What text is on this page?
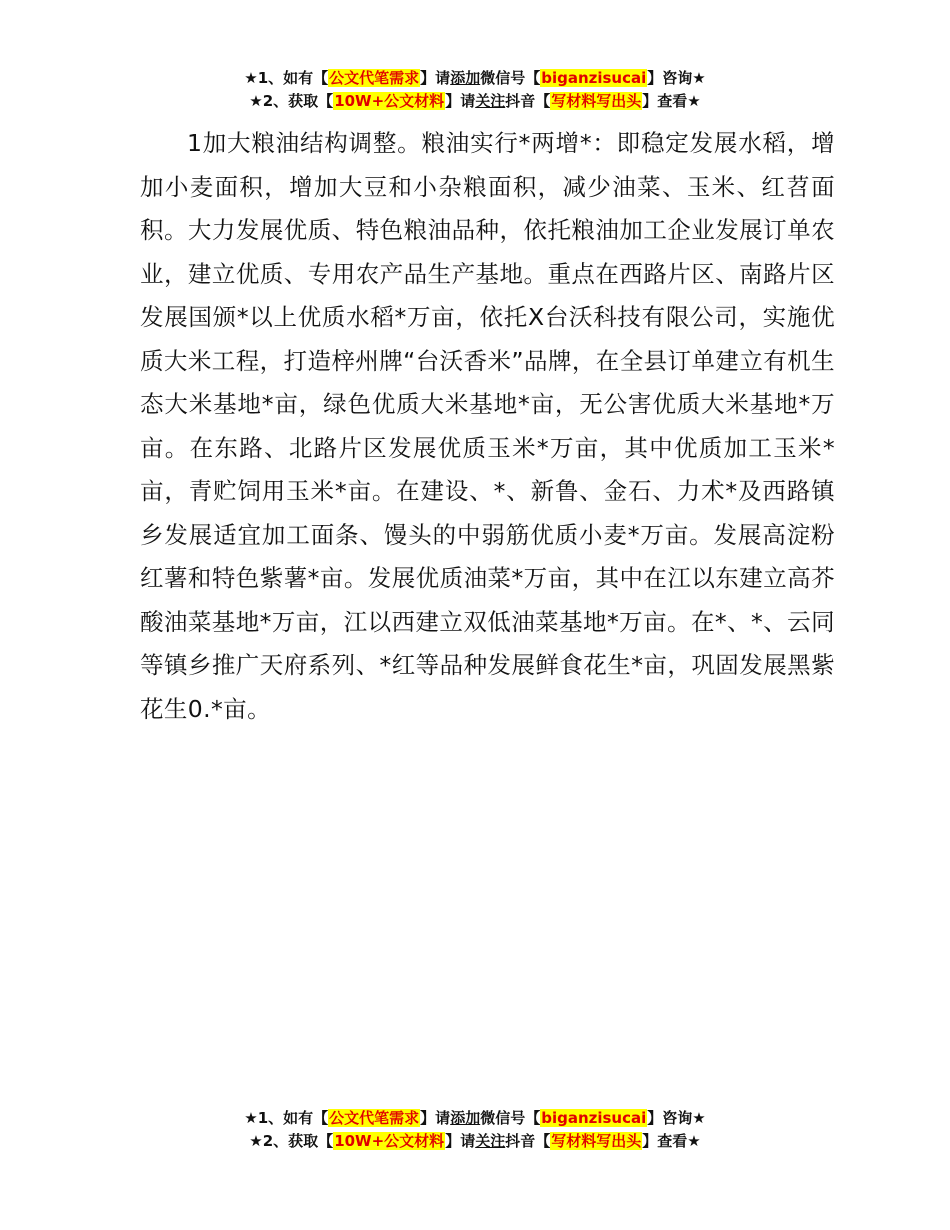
★1、如有【公文代笔需求】请添加微信号【biganzisucai】咨询★
★2、获取【10W+公文材料】请关注抖音【写材料写出头】查看★

1加大粮油结构调整。粮油实行*两增*：即稳定发展水稻，增加小麦面积，增加大豆和小杂粮面积，减少油菜、玉米、红苕面积。大力发展优质、特色粮油品种，依托粮油加工企业发展订单农业，建立优质、专用农产品生产基地。重点在西路片区、南路片区发展国颁*以上优质水稻*万亩，依托X台沃科技有限公司，实施优质大米工程，打造梓州牌“台沃香米”品牌，在全县订单建立有机生态大米基地*亩，绿色优质大米基地*亩，无公害优质大米基地*万亩。在东路、北路片区发展优质玉米*万亩，其中优质加工玉米*亩，青贮饲用玉米*亩。在建设、*、新鲁、金石、力术*及西路镇乡发展适宜加工面条、馒头的中弱筋优质小麦*万亩。发展高淀粉红薯和特色紫薯*亩。发展优质油菜*万亩，其中在江以东建立高芥酸油菜基地*万亩，江以西建立双低油菜基地*万亩。在*、*、云同等镇乡推广天府系列、*红等品种发展鲜食花生*亩，巩固发展黑紫花生0.*亩。

★1、如有【公文代笔需求】请添加微信号【biganzisucai】咨询★
★2、获取【10W+公文材料】请关注抖音【写材料写出头】查看★
